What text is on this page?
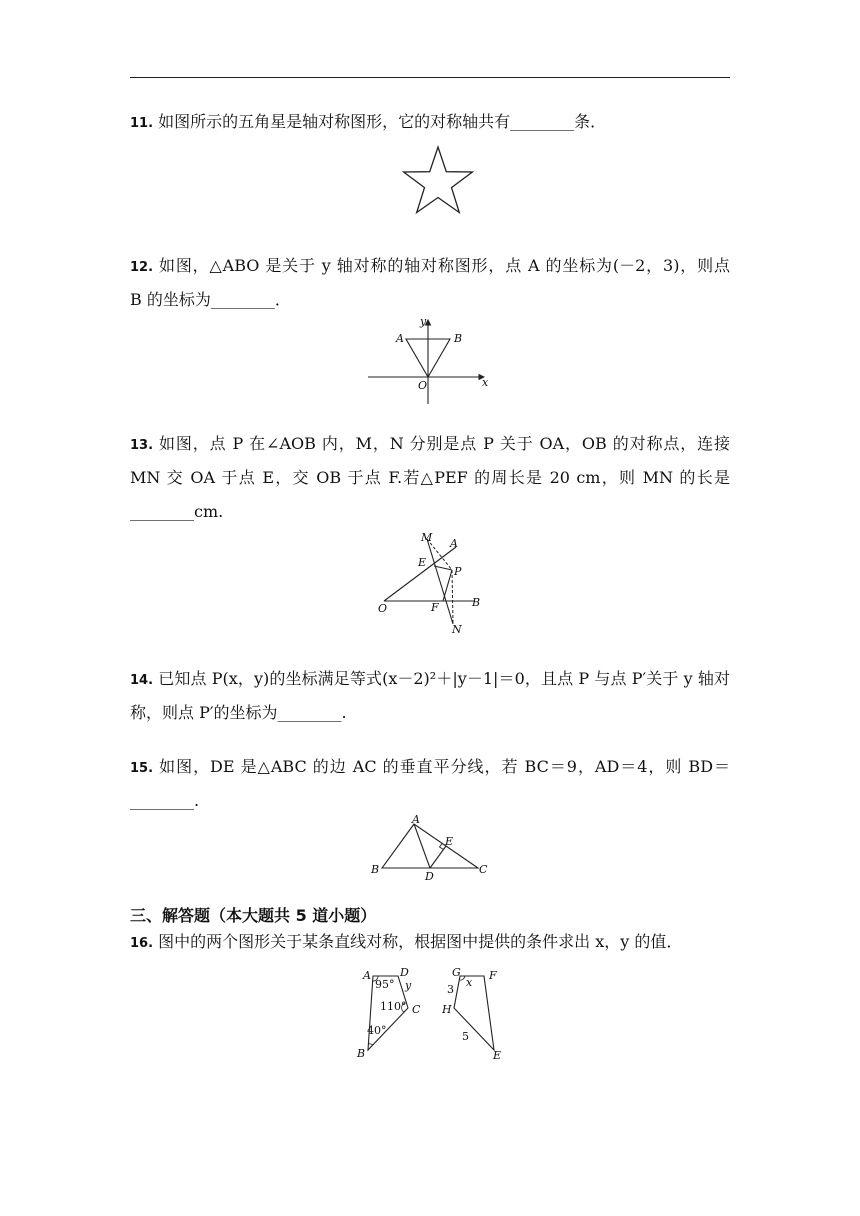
11. 如图所示的五角星是轴对称图形，它的对称轴共有________条．
12. 如图，△ABO 是关于 y 轴对称的轴对称图形，点 A 的坐标为(－2，3)，则点
B 的坐标为________．
y
A	B
O	x
13. 如图，点 P 在∠AOB 内，M，N 分别是点 P 关于 OA，OB 的对称点，连接
MN 交 OA 于点 E，交 OB 于点 F.若△PEF 的周长是 20 cm，则 MN 的长是
________cm.
M A
E
P
O	F	B
N
14. 已知点 P(x，y)的坐标满足等式(x－2)²＋|y－1|＝0，且点 P 与点 P′关于 y 轴对
称，则点 P′的坐标为________.
15. 如图，DE 是△ABC 的边 AC 的垂直平分线，若 BC＝9，AD＝4，则 BD＝
________.
A
E
B
D
C
三、解答题（本大题共 5 道小题）
16. 图中的两个图形关于某条直线对称，根据图中提供的条件求出 x，y 的值．
A	D
95° y
110° C
40°
B
G	F
x
3
H
5
E
